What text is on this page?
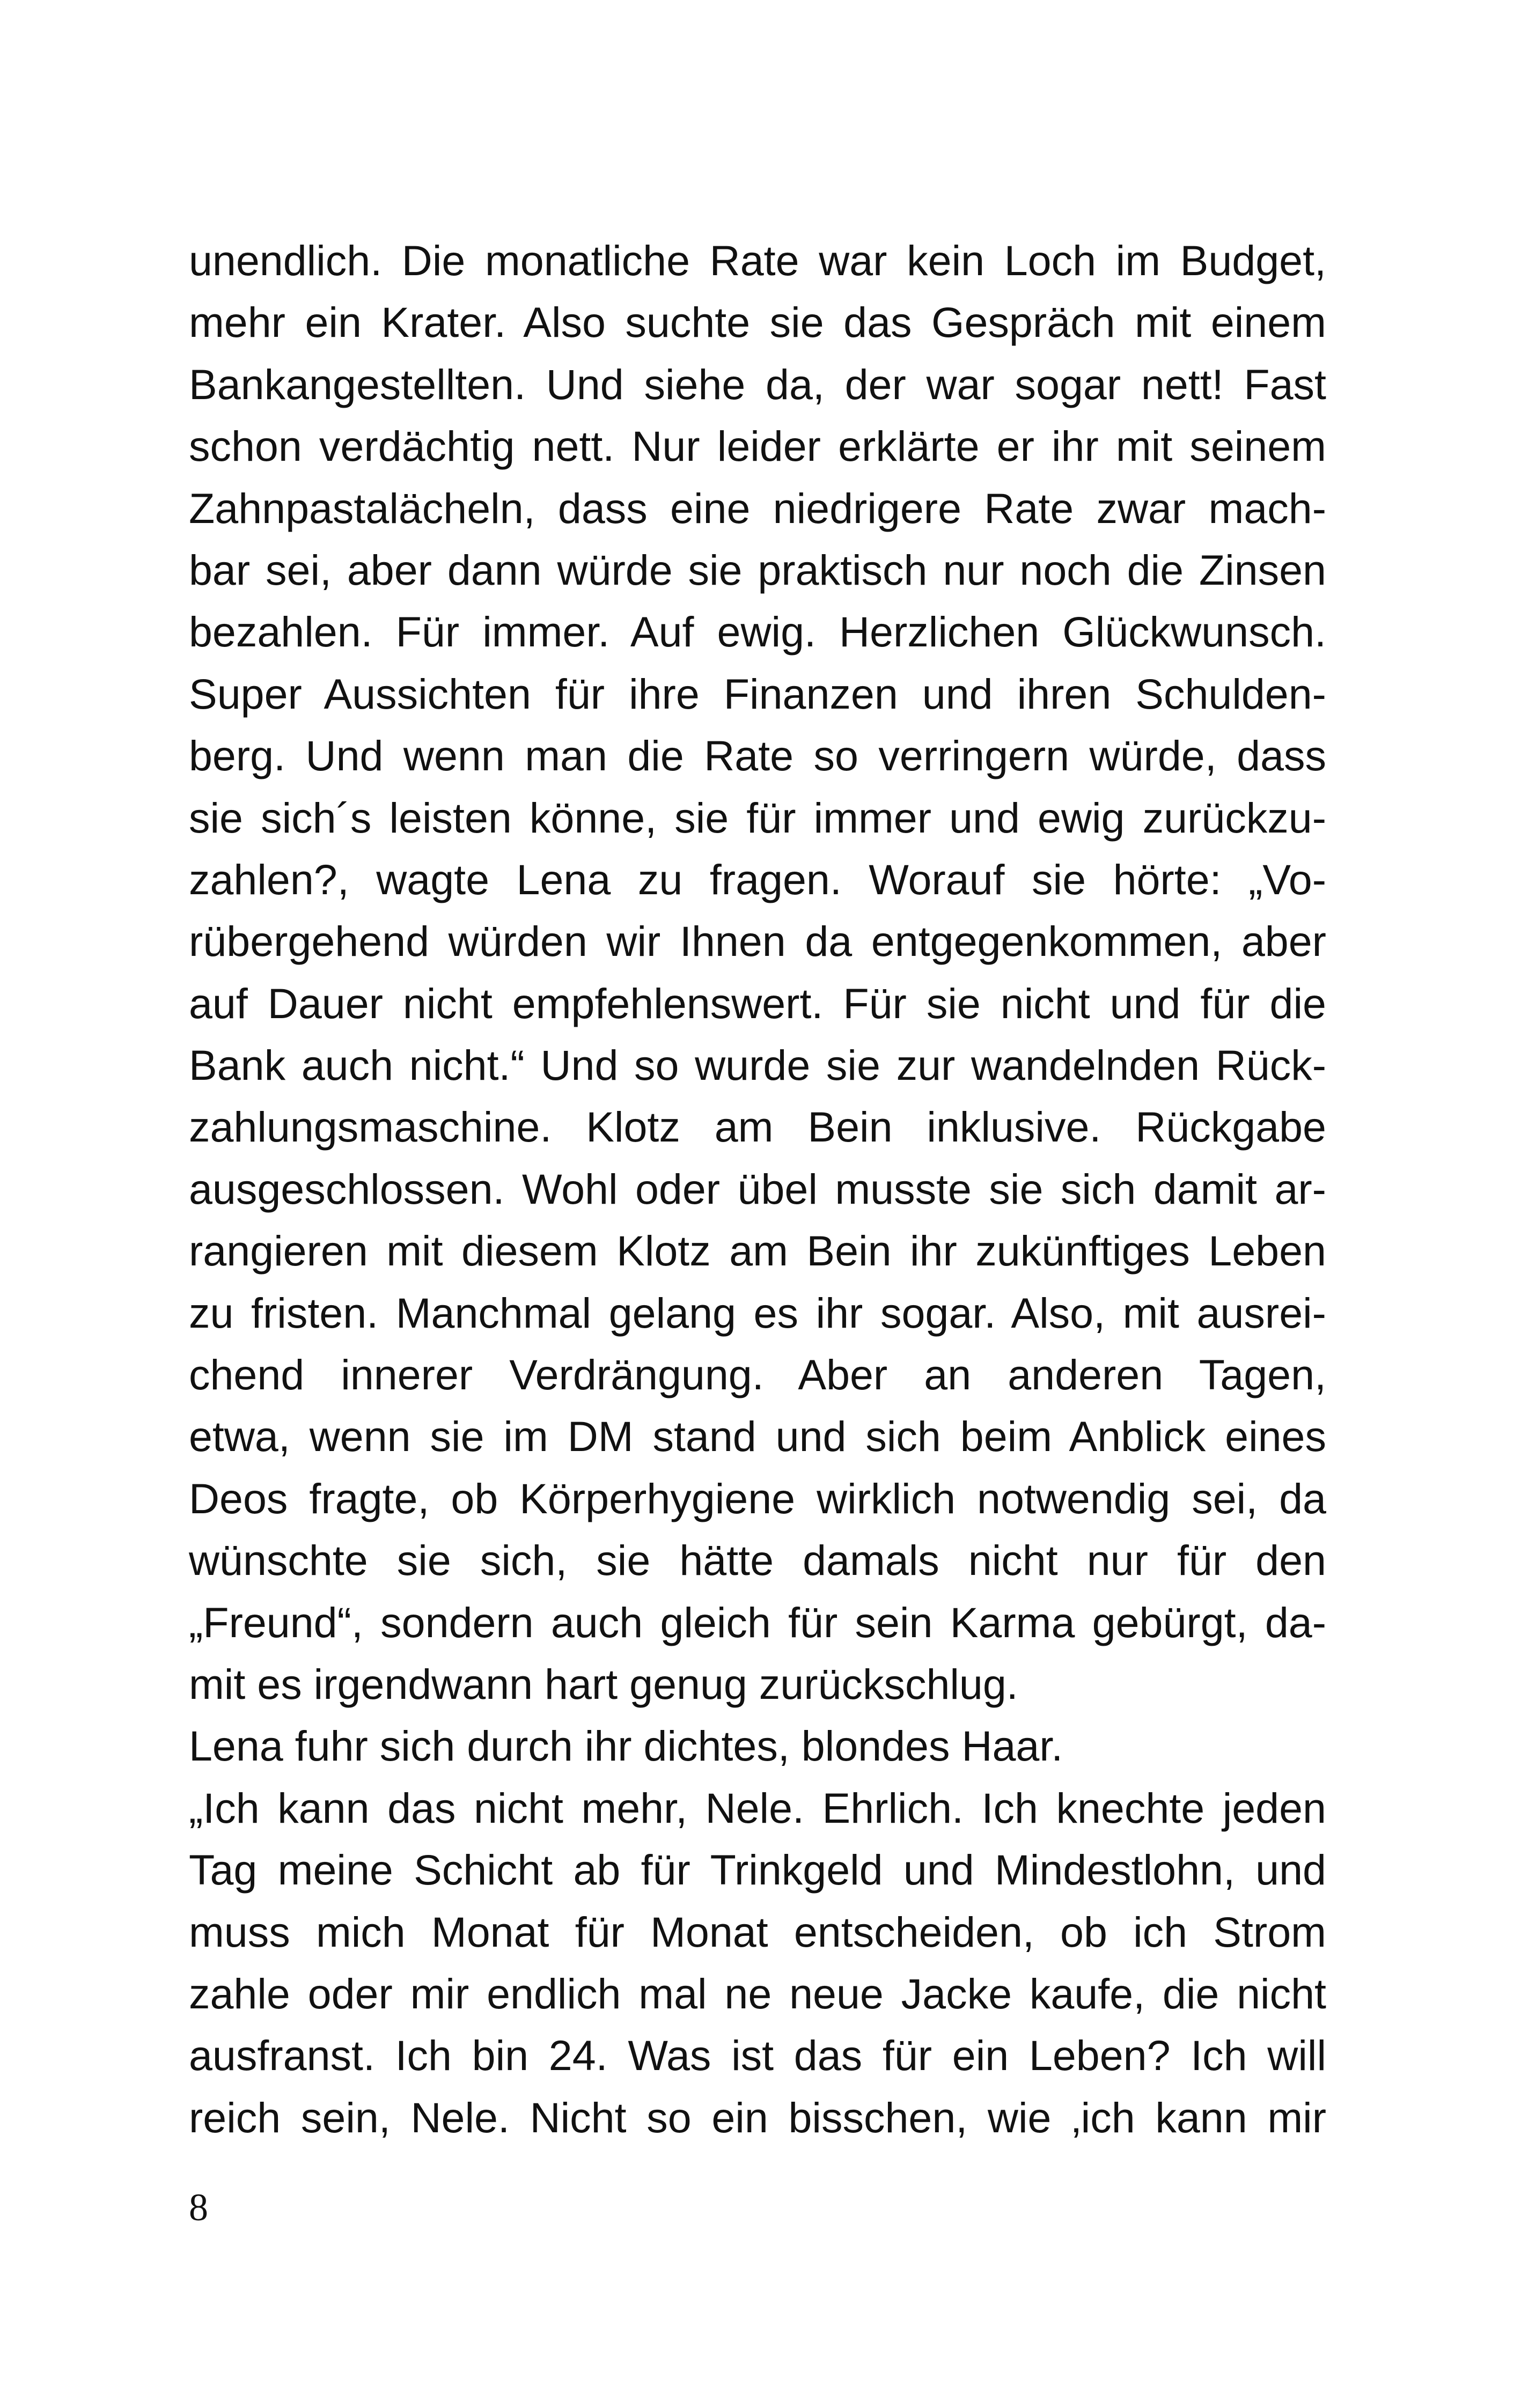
unendlich. Die monatliche Rate war kein Loch im Budget,
mehr ein Krater. Also suchte sie das Gespräch mit einem
Bankangestellten. Und siehe da, der war sogar nett! Fast
schon verdächtig nett. Nur leider erklärte er ihr mit seinem
Zahnpastalächeln, dass eine niedrigere Rate zwar mach-
bar sei, aber dann würde sie praktisch nur noch die Zinsen
bezahlen. Für immer. Auf ewig. Herzlichen Glückwunsch.
Super Aussichten für ihre Finanzen und ihren Schulden-
berg. Und wenn man die Rate so verringern würde, dass
sie sich´s leisten könne, sie für immer und ewig zurückzu-
zahlen?, wagte Lena zu fragen. Worauf sie hörte: „Vo-
rübergehend würden wir Ihnen da entgegenkommen, aber
auf Dauer nicht empfehlenswert. Für sie nicht und für die
Bank auch nicht.“ Und so wurde sie zur wandelnden Rück-
zahlungsmaschine. Klotz am Bein inklusive. Rückgabe
ausgeschlossen. Wohl oder übel musste sie sich damit ar-
rangieren mit diesem Klotz am Bein ihr zukünftiges Leben
zu fristen. Manchmal gelang es ihr sogar. Also, mit ausrei-
chend innerer Verdrängung. Aber an anderen Tagen,
etwa, wenn sie im DM stand und sich beim Anblick eines
Deos fragte, ob Körperhygiene wirklich notwendig sei, da
wünschte sie sich, sie hätte damals nicht nur für den
„Freund“, sondern auch gleich für sein Karma gebürgt, da-
mit es irgendwann hart genug zurückschlug.
Lena fuhr sich durch ihr dichtes, blondes Haar.
„Ich kann das nicht mehr, Nele. Ehrlich. Ich knechte jeden
Tag meine Schicht ab für Trinkgeld und Mindestlohn, und
muss mich Monat für Monat entscheiden, ob ich Strom
zahle oder mir endlich mal ne neue Jacke kaufe, die nicht
ausfranst. Ich bin 24. Was ist das für ein Leben? Ich will
reich sein, Nele. Nicht so ein bisschen, wie ‚ich kann mir
8
